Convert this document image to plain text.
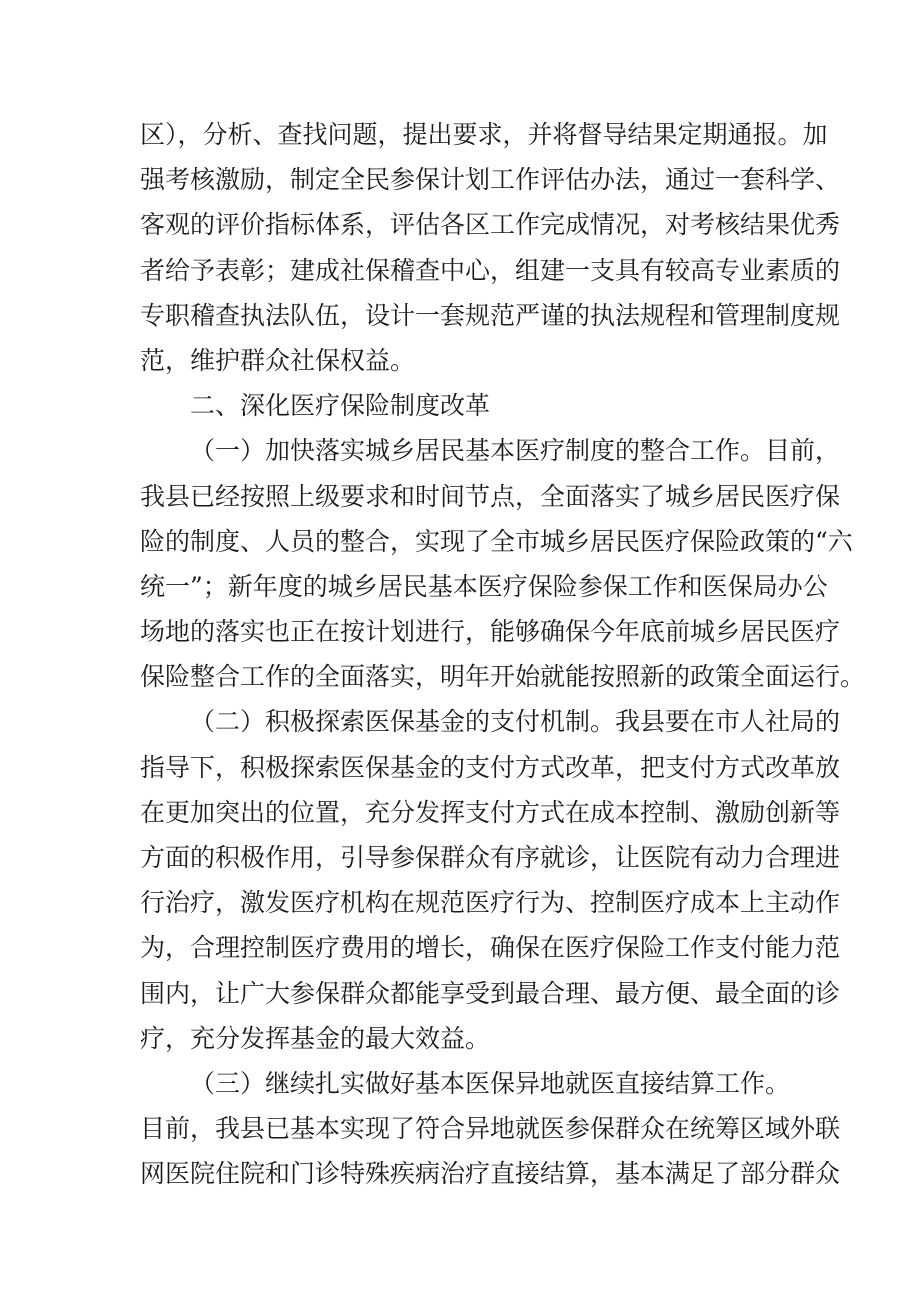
区），分析、查找问题，提出要求，并将督导结果定期通报。加
强考核激励，制定全民参保计划工作评估办法，通过一套科学、
客观的评价指标体系，评估各区工作完成情况，对考核结果优秀
者给予表彰；建成社保稽查中心，组建一支具有较高专业素质的
专职稽查执法队伍，设计一套规范严谨的执法规程和管理制度规
范，维护群众社保权益。
二、深化医疗保险制度改革
（一）加快落实城乡居民基本医疗制度的整合工作。目前，
我县已经按照上级要求和时间节点，全面落实了城乡居民医疗保
险的制度、人员的整合，实现了全市城乡居民医疗保险政策的“六
统一”；新年度的城乡居民基本医疗保险参保工作和医保局办公
场地的落实也正在按计划进行，能够确保今年底前城乡居民医疗
保险整合工作的全面落实，明年开始就能按照新的政策全面运行。
（二）积极探索医保基金的支付机制。我县要在市人社局的
指导下，积极探索医保基金的支付方式改革，把支付方式改革放
在更加突出的位置，充分发挥支付方式在成本控制、激励创新等
方面的积极作用，引导参保群众有序就诊，让医院有动力合理进
行治疗，激发医疗机构在规范医疗行为、控制医疗成本上主动作
为，合理控制医疗费用的增长，确保在医疗保险工作支付能力范
围内，让广大参保群众都能享受到最合理、最方便、最全面的诊
疗，充分发挥基金的最大效益。
（三）继续扎实做好基本医保异地就医直接结算工作。
目前，我县已基本实现了符合异地就医参保群众在统筹区域外联
网医院住院和门诊特殊疾病治疗直接结算，基本满足了部分群众
